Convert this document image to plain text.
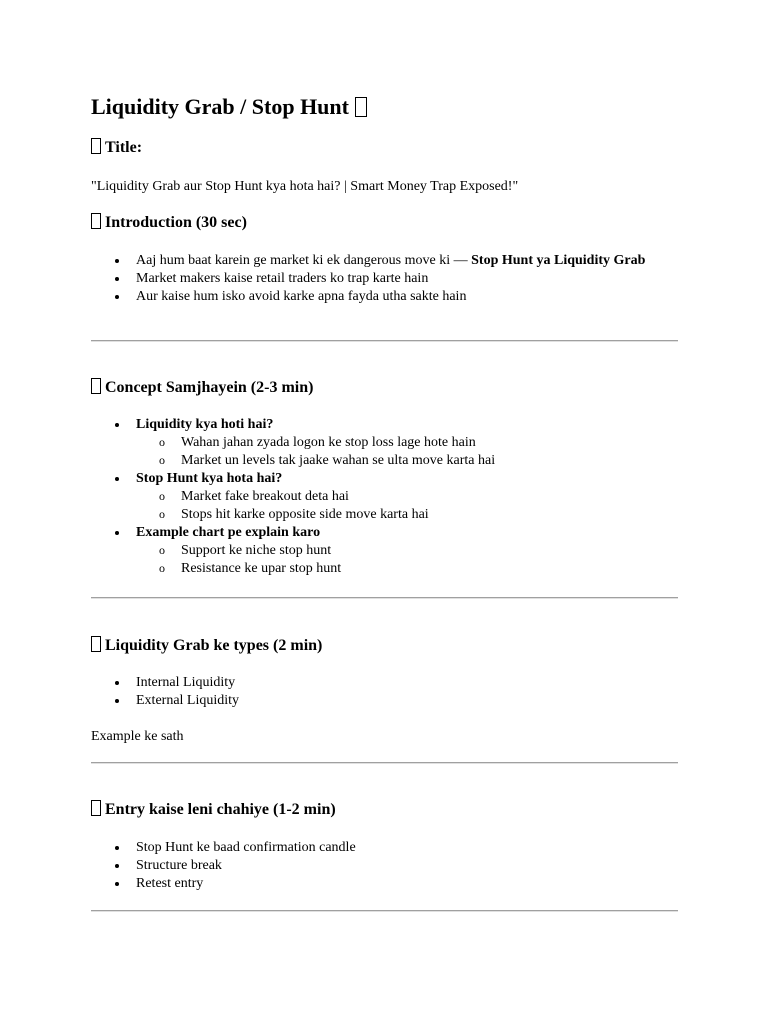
Liquidity Grab / Stop Hunt
Title:
"Liquidity Grab aur Stop Hunt kya hota hai? | Smart Money Trap Exposed!"
Introduction (30 sec)
Aaj hum baat karein ge market ki ek dangerous move ki — Stop Hunt ya Liquidity Grab
Market makers kaise retail traders ko trap karte hain
Aur kaise hum isko avoid karke apna fayda utha sakte hain
Concept Samjhayein (2-3 min)
Liquidity kya hoti hai?
o Wahan jahan zyada logon ke stop loss lage hote hain
o Market un levels tak jaake wahan se ulta move karta hai
Stop Hunt kya hota hai?
o Market fake breakout deta hai
o Stops hit karke opposite side move karta hai
Example chart pe explain karo
o Support ke niche stop hunt
o Resistance ke upar stop hunt
Liquidity Grab ke types (2 min)
Internal Liquidity
External Liquidity
Example ke sath
Entry kaise leni chahiye (1-2 min)
Stop Hunt ke baad confirmation candle
Structure break
Retest entry
